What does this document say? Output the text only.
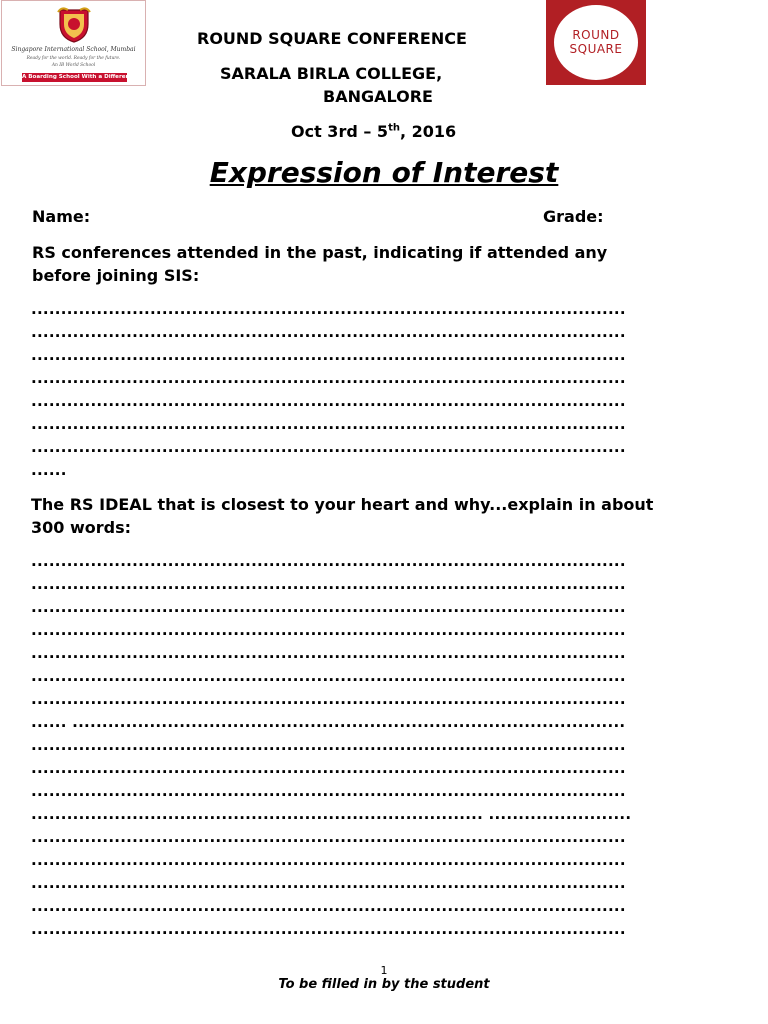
Singapore International School, Mumbai
Ready for the world. Ready for the future.
An IB World School
A Boarding School With a Difference
ROUND SQUARE CONFERENCE
SARALA BIRLA COLLEGE,
BANGALORE
Oct 3rd – 5th, 2016
ROUND
SQUARE
Expression of Interest
Name:	Grade:
RS conferences attended in the past, indicating if attended any
before joining SIS:
....................................................................................................
....................................................................................................
....................................................................................................
....................................................................................................
....................................................................................................
....................................................................................................
....................................................................................................
......
The RS IDEAL that is closest to your heart and why...explain in about
300 words:
....................................................................................................
....................................................................................................
....................................................................................................
....................................................................................................
....................................................................................................
....................................................................................................
....................................................................................................
...... .............................................................................................
....................................................................................................
....................................................................................................
....................................................................................................
............................................................................ ........................
....................................................................................................
....................................................................................................
....................................................................................................
....................................................................................................
....................................................................................................
1
To be filled in by the student
